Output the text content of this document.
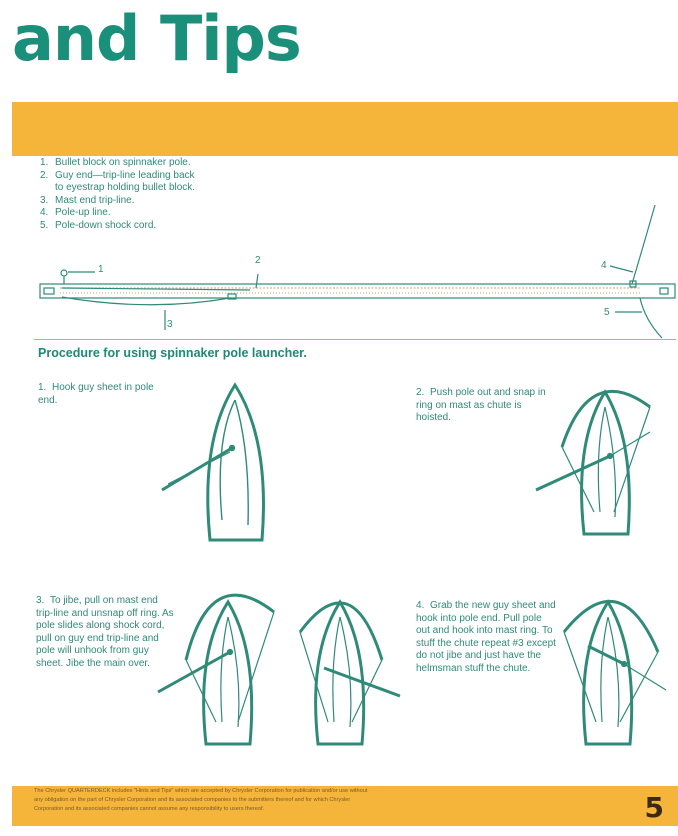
and Tips
1. Bullet block on spinnaker pole.
2. Guy end—trip-line leading back to eyestrap holding bullet block.
3. Mast end trip-line.
4. Pole-up line.
5. Pole-down shock cord.
1
2
3
4
5
Procedure for using spinnaker pole launcher.

1. Hook guy sheet in pole end.

2. Push pole out and snap in ring on mast as chute is hoisted.

3. To jibe, pull on mast end trip-line and unsnap off ring. As pole slides along shock cord, pull on guy end trip-line and pole will unhook from guy sheet. Jibe the main over.

4. Grab the new guy sheet and hook into pole end. Pull pole out and hook into mast ring. To stuff the chute repeat #3 except do not jibe and just have the helmsman stuff the chute.

The Chrysler QUARTERDECK includes "Hints and Tips" which are accepted by Chrysler Corporation for publication and/or use without any obligation on the part of Chrysler Corporation and its associated companies to the submitters thereof and for which Chrysler Corporation and its associated companies cannot assume any responsibility to users thereof.	5
